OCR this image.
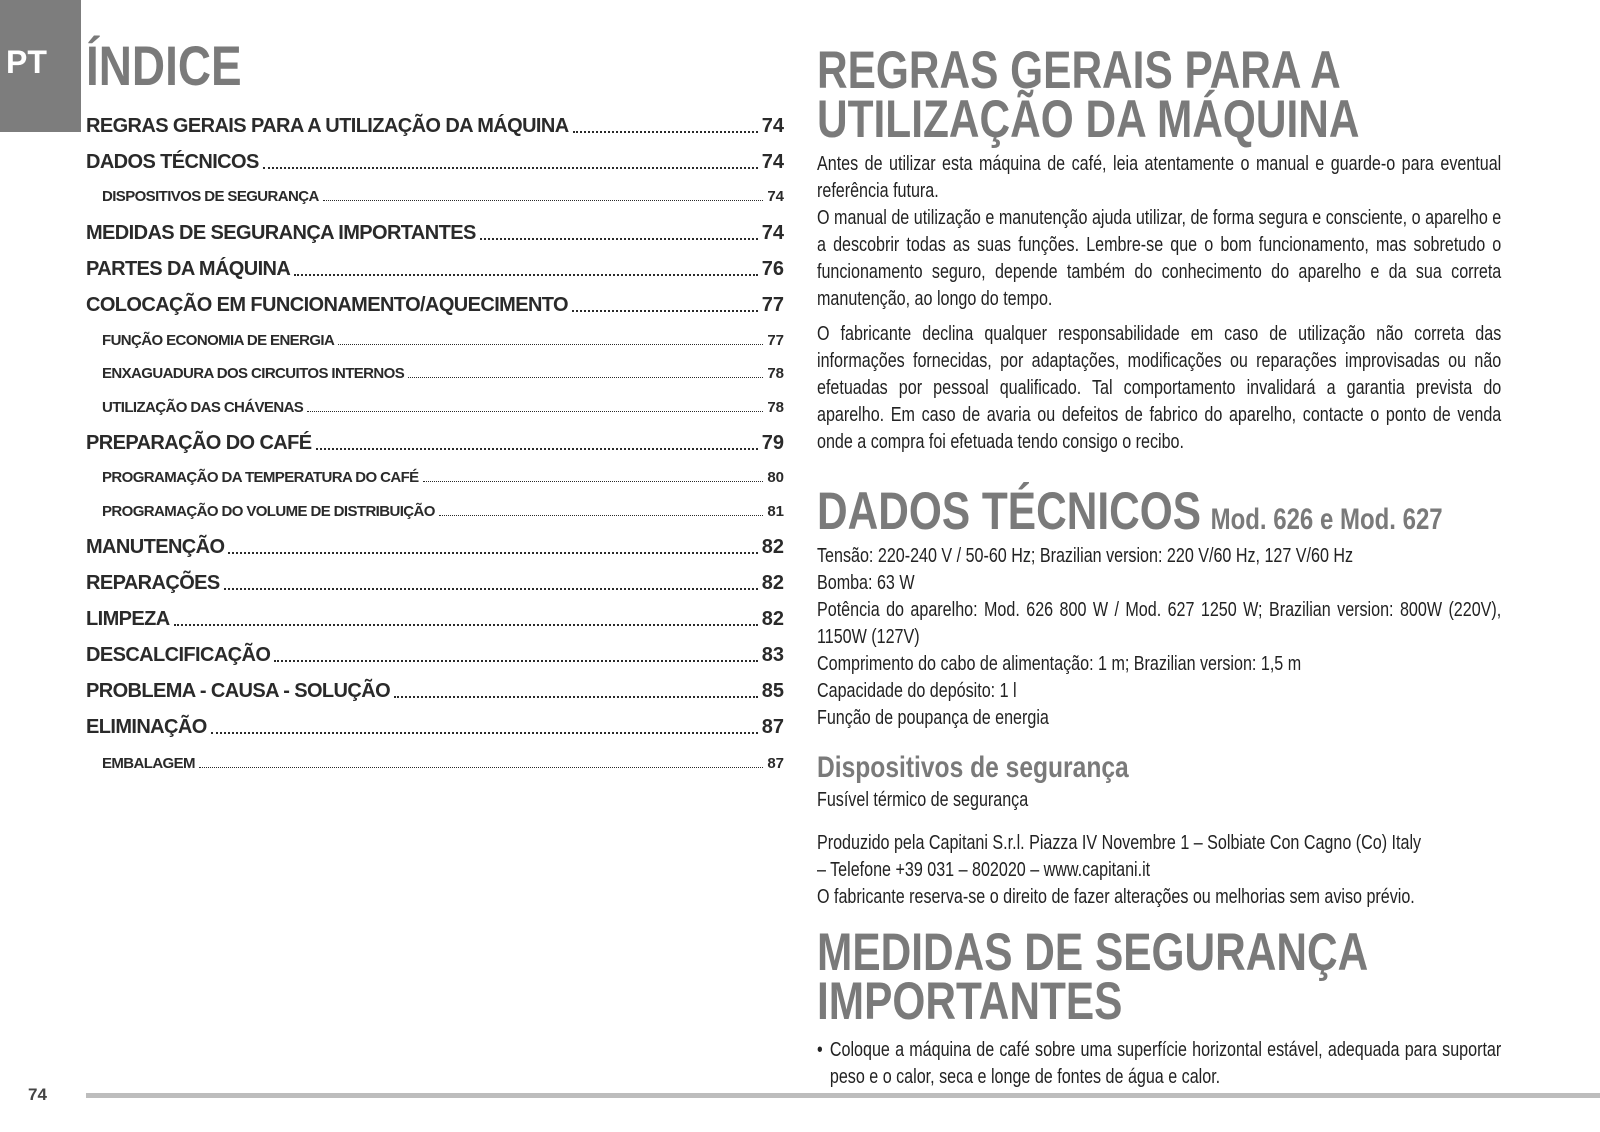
PT ÍNDICE
REGRAS GERAIS PARA A UTILIZAÇÃO DA MÁQUINA	74
DADOS TÉCNICOS	74
DISPOSITIVOS DE SEGURANÇA	74
MEDIDAS DE SEGURANÇA IMPORTANTES	74
PARTES DA MÁQUINA	76
COLOCAÇÃO EM FUNCIONAMENTO/AQUECIMENTO	77
FUNÇÃO ECONOMIA DE ENERGIA	77
ENXAGUADURA DOS CIRCUITOS INTERNOS	78
UTILIZAÇÃO DAS CHÁVENAS	78
PREPARAÇÃO DO CAFÉ	79
PROGRAMAÇÃO DA TEMPERATURA DO CAFÉ	80
PROGRAMAÇÃO DO VOLUME DE DISTRIBUIÇÃO	81
MANUTENÇÃO	82
REPARAÇÕES	82
LIMPEZA	82
DESCALCIFICAÇÃO	83
PROBLEMA - CAUSA - SOLUÇÃO	85
ELIMINAÇÃO	87
EMBALAGEM	87
REGRAS GERAIS PARA A
UTILIZAÇÃO DA MÁQUINA

Antes de utilizar esta máquina de café, leia atentamente o manual e guarde-o para eventual referência futura.

O manual de utilização e manutenção ajuda utilizar, de forma segura e consciente, o aparelho e a descobrir todas as suas funções. Lembre-se que o bom funcionamento, mas sobretudo o funcionamento seguro, depende também do conhecimento do aparelho e da sua correta manutenção, ao longo do tempo.

O fabricante declina qualquer responsabilidade em caso de utilização não correta das informações fornecidas, por adaptações, modificações ou reparações improvisadas ou não efetuadas por pessoal qualificado. Tal comportamento invalidará a garantia prevista do aparelho. Em caso de avaria ou defeitos de fabrico do aparelho, contacte o ponto de venda onde a compra foi efetuada tendo consigo o recibo.

DADOS TÉCNICOS Mod. 626 e Mod. 627

Tensão: 220-240 V / 50-60 Hz; Brazilian version: 220 V/60 Hz, 127 V/60 Hz

Bomba: 63 W

Potência do aparelho: Mod. 626 800 W / Mod. 627 1250 W; Brazilian version: 800W (220V), 1150W (127V)

Comprimento do cabo de alimentação: 1 m; Brazilian version: 1,5 m

Capacidade do depósito: 1 l

Função de poupança de energia

Dispositivos de segurança

Fusível térmico de segurança

Produzido pela Capitani S.r.l. Piazza IV Novembre 1 – Solbiate Con Cagno (Co) Italy

– Telefone +39 031 – 802020 – www.capitani.it

O fabricante reserva-se o direito de fazer alterações ou melhorias sem aviso prévio.

MEDIDAS DE SEGURANÇA
IMPORTANTES
• Coloque a máquina de café sobre uma superfície horizontal estável, adequada para suportar peso e o calor, seca e longe de fontes de água e calor.

74
